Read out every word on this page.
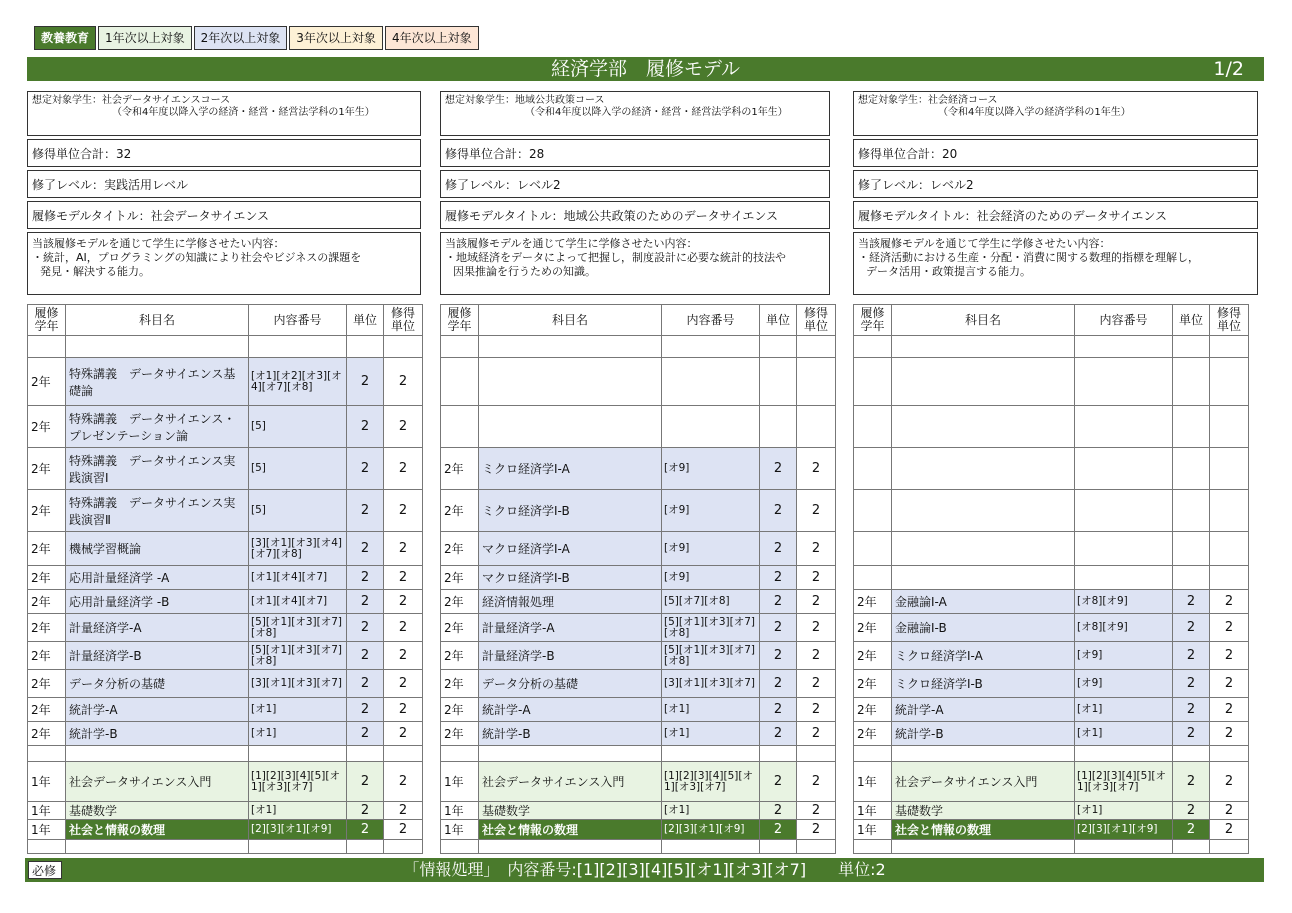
教養教育	1年次以上対象	2年次以上対象	3年次以上対象	4年次以上対象
経済学部　履修モデル	1/2
想定対象学生：社会データサイエンスコース
（令和4年度以降入学の経済・経営・経営法学科の1年生）
修得単位合計：32
修了レベル：実践活用レベル
履修モデルタイトル：社会データサイエンス
当該履修モデルを通じて学生に学修させたい内容：
・統計，AI，プログラミングの知識により社会やビジネスの課題を
発見・解決する能力。
履修学年	科目名	内容番号	単位	修得単位

2年	特殊講義　データサイエンス基礎論	[オ1][オ2][オ3][オ4][オ7][オ8]	2	2
2年	特殊講義　データサイエンス・プレゼンテーション論	[5]	2	2
2年	特殊講義　データサイエンス実践演習Ⅰ	[5]	2	2
2年	特殊講義　データサイエンス実践演習Ⅱ	[5]	2	2
2年	機械学習概論	[3][オ1][オ3][オ4][オ7][オ8]	2	2
2年	応用計量経済学 -A	[オ1][オ4][オ7]	2	2
2年	応用計量経済学 -B	[オ1][オ4][オ7]	2	2
2年	計量経済学-A	[5][オ1][オ3][オ7][オ8]	2	2
2年	計量経済学-B	[5][オ1][オ3][オ7][オ8]	2	2
2年	データ分析の基礎	[3][オ1][オ3][オ7]	2	2
2年	統計学-A	[オ1]	2	2
2年	統計学-B	[オ1]	2	2

1年	社会データサイエンス入門	[1][2][3][4][5][オ1][オ3][オ7]	2	2
1年	基礎数学	[オ1]	2	2
1年	社会と情報の数理	[2][3][オ1][オ9]	2	2

想定対象学生：地域公共政策コース
（令和4年度以降入学の経済・経営・経営法学科の1年生）
修得単位合計：28
修了レベル：レベル2
履修モデルタイトル：地域公共政策のためのデータサイエンス
当該履修モデルを通じて学生に学修させたい内容：
・地域経済をデータによって把握し，制度設計に必要な統計的技法や
因果推論を行うための知識。
履修学年	科目名	内容番号	単位	修得単位

2年	ミクロ経済学Ⅰ-A	[オ9]	2	2
2年	ミクロ経済学Ⅰ-B	[オ9]	2	2
2年	マクロ経済学Ⅰ-A	[オ9]	2	2
2年	マクロ経済学Ⅰ-B	[オ9]	2	2
2年	経済情報処理	[5][オ7][オ8]	2	2
2年	計量経済学-A	[5][オ1][オ3][オ7][オ8]	2	2
2年	計量経済学-B	[5][オ1][オ3][オ7][オ8]	2	2
2年	データ分析の基礎	[3][オ1][オ3][オ7]	2	2
2年	統計学-A	[オ1]	2	2
2年	統計学-B	[オ1]	2	2

1年	社会データサイエンス入門	[1][2][3][4][5][オ1][オ3][オ7]	2	2
1年	基礎数学	[オ1]	2	2
1年	社会と情報の数理	[2][3][オ1][オ9]	2	2

想定対象学生：社会経済コース
（令和4年度以降入学の経済学科の1年生）
修得単位合計：20
修了レベル：レベル2
履修モデルタイトル：社会経済のためのデータサイエンス
当該履修モデルを通じて学生に学修させたい内容：
・経済活動における生産・分配・消費に関する数理的指標を理解し，
データ活用・政策提言する能力。
履修学年	科目名	内容番号	単位	修得単位

2年	金融論Ⅰ-A	[オ8][オ9]	2	2
2年	金融論Ⅰ-B	[オ8][オ9]	2	2
2年	ミクロ経済学Ⅰ-A	[オ9]	2	2
2年	ミクロ経済学Ⅰ-B	[オ9]	2	2
2年	統計学-A	[オ1]	2	2
2年	統計学-B	[オ1]	2	2

1年	社会データサイエンス入門	[1][2][3][4][5][オ1][オ3][オ7]	2	2
1年	基礎数学	[オ1]	2	2
1年	社会と情報の数理	[2][3][オ1][オ9]	2	2

必修	「情報処理」　内容番号:[1][2][3][4][5][オ1][オ3][オ7]　　単位:2
